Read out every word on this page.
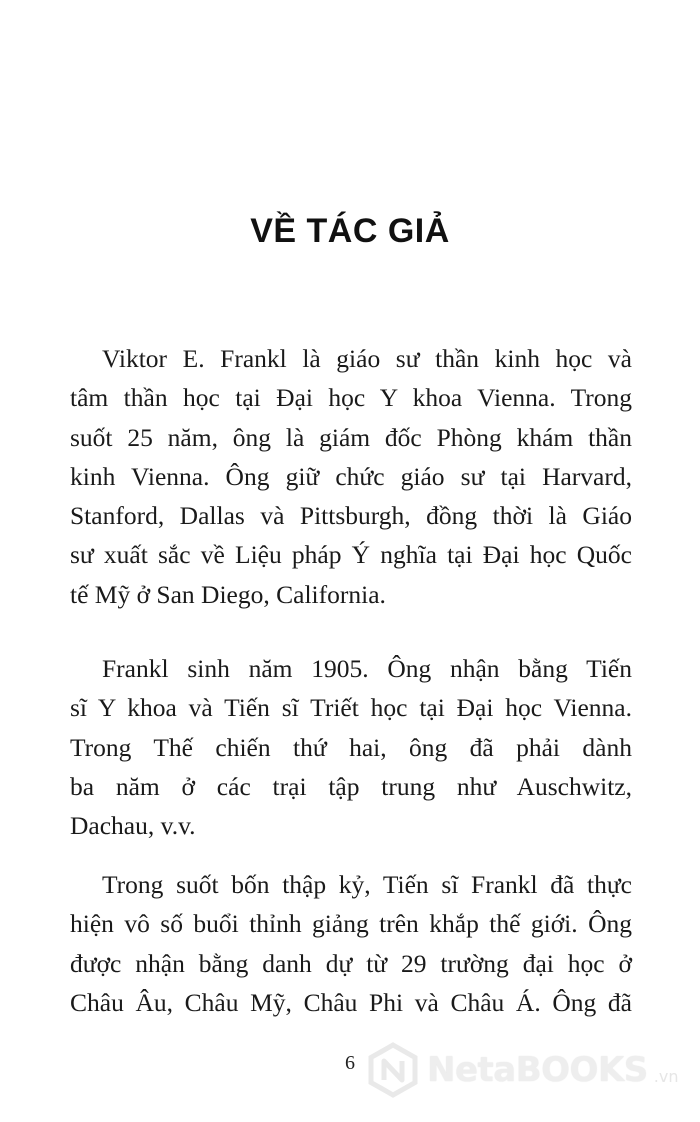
VỀ TÁC GIẢ
Viktor E. Frankl là giáo sư thần kinh học và
tâm thần học tại Đại học Y khoa Vienna. Trong
suốt 25 năm, ông là giám đốc Phòng khám thần
kinh Vienna. Ông giữ chức giáo sư tại Harvard,
Stanford, Dallas và Pittsburgh, đồng thời là Giáo
sư xuất sắc về Liệu pháp Ý nghĩa tại Đại học Quốc
tế Mỹ ở San Diego, California.
Frankl sinh năm 1905. Ông nhận bằng Tiến
sĩ Y khoa và Tiến sĩ Triết học tại Đại học Vienna.
Trong Thế chiến thứ hai, ông đã phải dành
ba năm ở các trại tập trung như Auschwitz,
Dachau, v.v.
Trong suốt bốn thập kỷ, Tiến sĩ Frankl đã thực
hiện vô số buổi thỉnh giảng trên khắp thế giới. Ông
được nhận bằng danh dự từ 29 trường đại học ở
Châu Âu, Châu Mỹ, Châu Phi và Châu Á. Ông đã
6	NetaBOOKS .vn
